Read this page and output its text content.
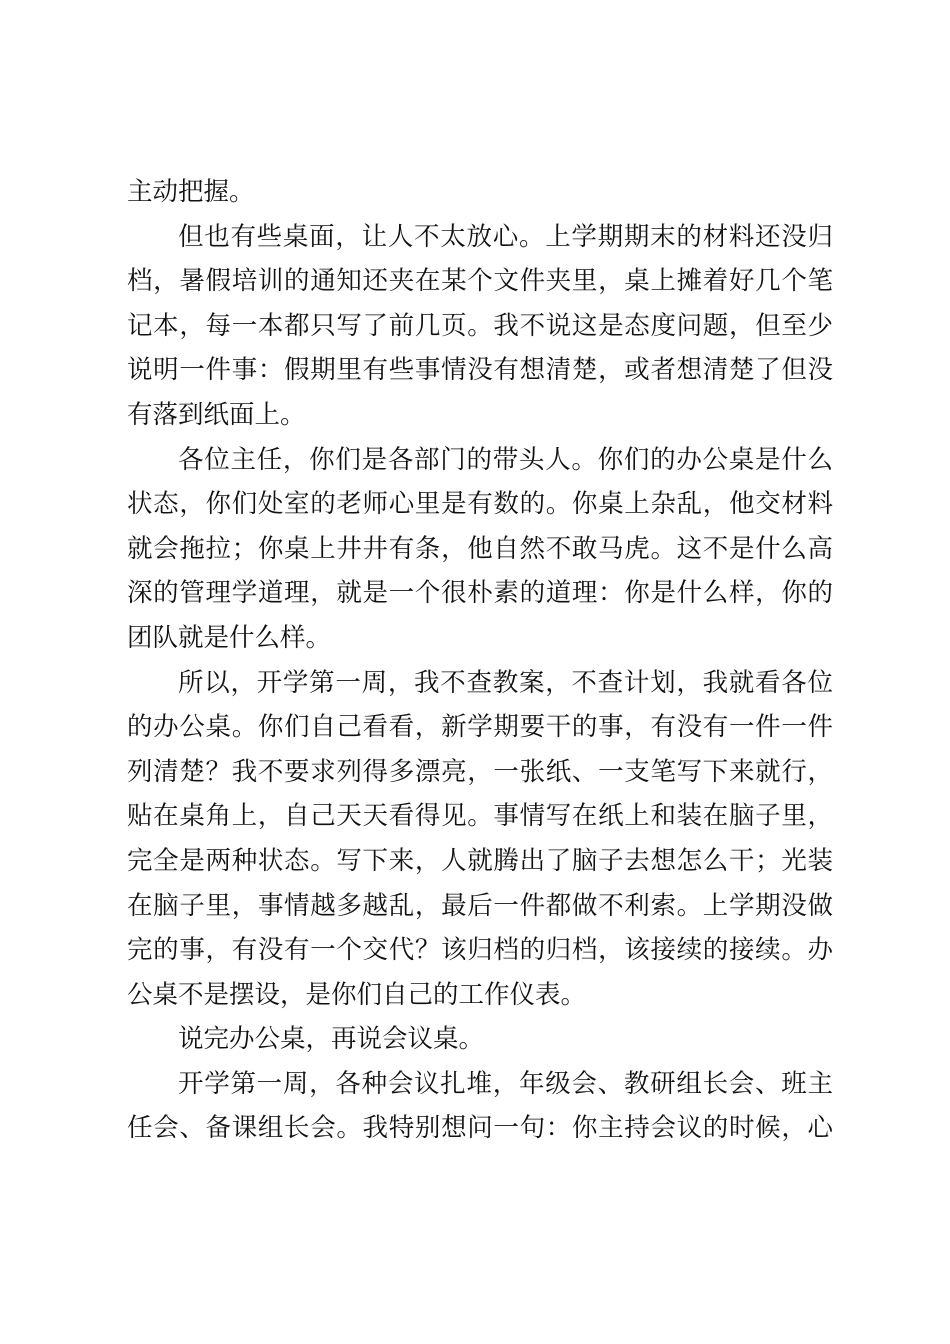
主动把握。
但也有些桌面，让人不太放心。上学期期末的材料还没归
档，暑假培训的通知还夹在某个文件夹里，桌上摊着好几个笔
记本，每一本都只写了前几页。我不说这是态度问题，但至少
说明一件事：假期里有些事情没有想清楚，或者想清楚了但没
有落到纸面上。
各位主任，你们是各部门的带头人。你们的办公桌是什么
状态，你们处室的老师心里是有数的。你桌上杂乱，他交材料
就会拖拉；你桌上井井有条，他自然不敢马虎。这不是什么高
深的管理学道理，就是一个很朴素的道理：你是什么样，你的
团队就是什么样。
所以，开学第一周，我不查教案，不查计划，我就看各位
的办公桌。你们自己看看，新学期要干的事，有没有一件一件
列清楚？我不要求列得多漂亮，一张纸、一支笔写下来就行，
贴在桌角上，自己天天看得见。事情写在纸上和装在脑子里，
完全是两种状态。写下来，人就腾出了脑子去想怎么干；光装
在脑子里，事情越多越乱，最后一件都做不利索。上学期没做
完的事，有没有一个交代？该归档的归档，该接续的接续。办
公桌不是摆设，是你们自己的工作仪表。
说完办公桌，再说会议桌。
开学第一周，各种会议扎堆，年级会、教研组长会、班主
任会、备课组长会。我特别想问一句：你主持会议的时候，心
